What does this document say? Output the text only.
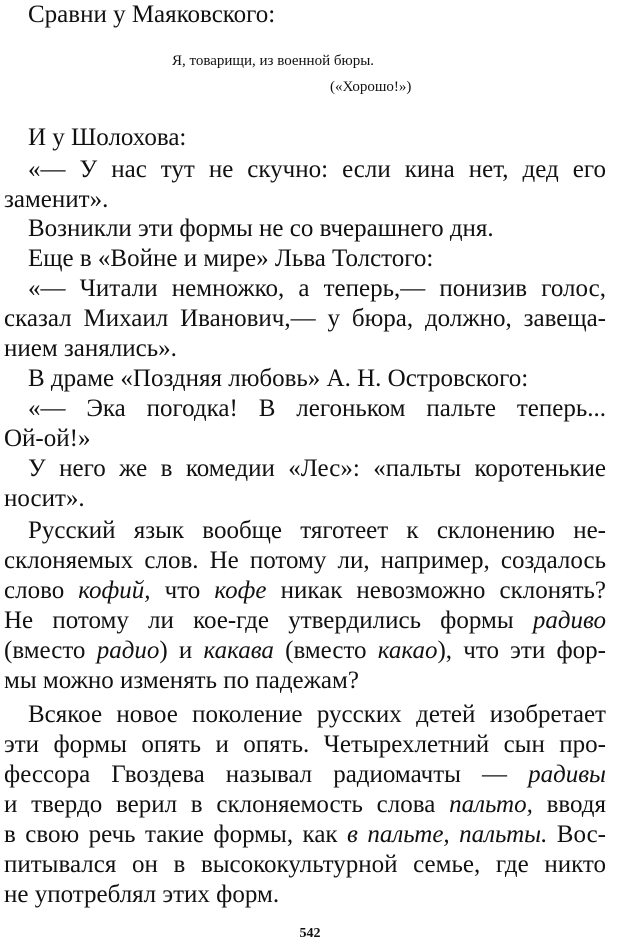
Сравни у Маяковского:
И у Шолохова:
«— У нас тут не скучно: если кина нет, дед его
заменит».
Возникли эти формы не со вчерашнего дня.
Еще в «Войне и мире» Льва Толстого:
«— Читали немножко, а теперь,— понизив голос,
сказал Михаил Иванович,— у бюра, должно, завеща-
нием занялись».
В драме «Поздняя любовь» А. Н. Островского:
«— Эка погодка! В легоньком пальте теперь...
Ой-ой!»
У него же в комедии «Лес»: «пальты коротенькие
носит».
Русский язык вообще тяготеет к склонению не-
склоняемых слов. Не потому ли, например, создалось
слово кофий, что кофе никак невозможно склонять?
Не потому ли кое-где утвердились формы радиво
(вместо радио) и какава (вместо какао), что эти фор-
мы можно изменять по падежам?
Всякое новое поколение русских детей изобретает
эти формы опять и опять. Четырехлетний сын про-
фессора Гвоздева называл радиомачты — радивы
и твердо верил в склоняемость слова пальто, вводя
в свою речь такие формы, как в пальте, пальты. Вос-
питывался он в высококультурной семье, где никто
не употреблял этих форм.
Я, товарищи, из военной бюры.
(«Хорошо!»)
542
